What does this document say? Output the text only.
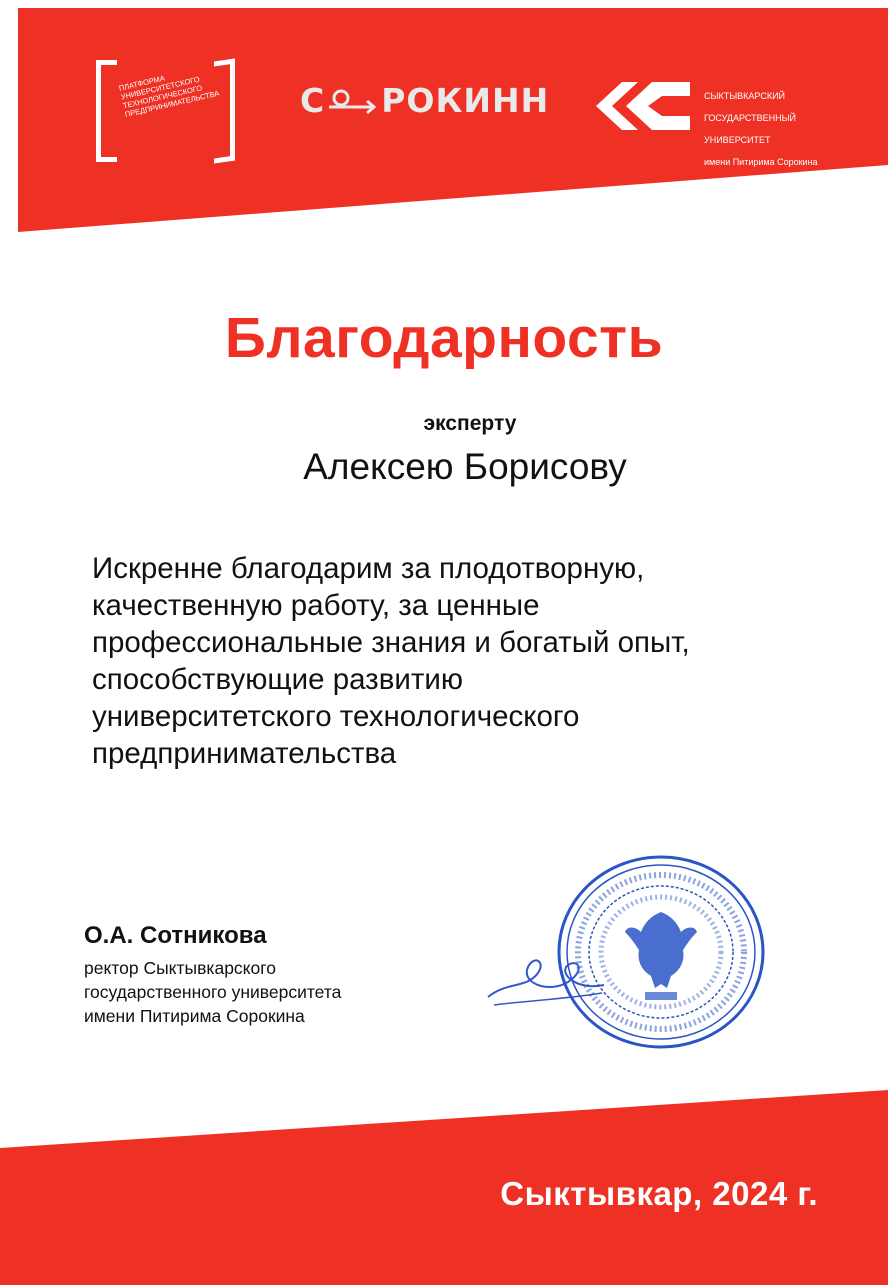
ПЛАТФОРМА
УНИВЕРСИТЕТСКОГО
ТЕХНОЛОГИЧЕСКОГО
ПРЕДПРИНИМАТЕЛЬСТВА	С РОКИНН	СЫКТЫВКАРСКИЙ

ГОСУДАРСТВЕННЫЙ

УНИВЕРСИТЕТ

имени Питирима Сорокина

Благодарность
эксперту
Алексею Борисову
Искренне благодарим за плодотворную,
качественную работу, за ценные
профессиональные знания и богатый опыт,
способствующие развитию
университетского технологического
предпринимательства
О.А. Сотникова
ректор Сыктывкарского
государственного университета
имени Питирима Сорокина
Сыктывкар, 2024 г.
